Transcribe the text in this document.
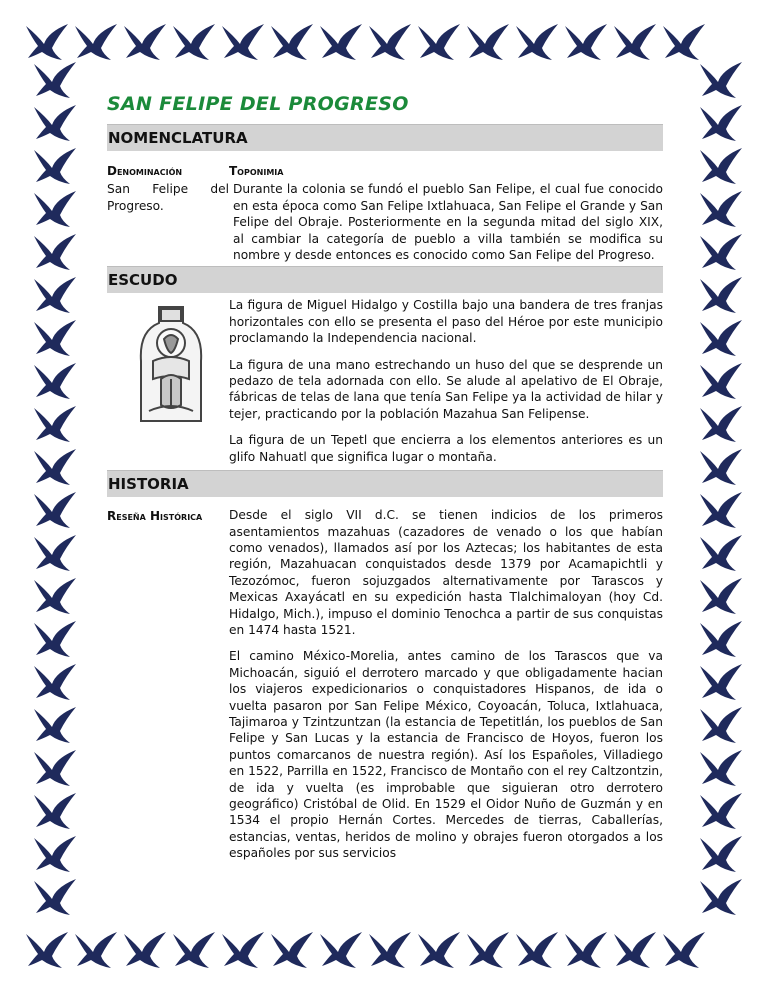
SAN FELIPE DEL PROGRESO
NOMENCLATURA
Denominación	Toponimia
San Felipe del Progreso.
Durante la colonia se fundó el pueblo San Felipe, el cual fue conocido en esta época como San Felipe Ixtlahuaca, San Felipe el Grande y San Felipe del Obraje. Posteriormente en la segunda mitad del siglo XIX, al cambiar la categoría de pueblo a villa también se modifica su nombre y desde entonces es conocido como San Felipe del Progreso.
ESCUDO

La figura de Miguel Hidalgo y Costilla bajo una bandera de tres franjas horizontales con ello se presenta el paso del Héroe por este municipio proclamando la Independencia nacional.

La figura de una mano estrechando un huso del que se desprende un pedazo de tela adornada con ello. Se alude al apelativo de El Obraje, fábricas de telas de lana que tenía San Felipe ya la actividad de hilar y tejer, practicando por la población Mazahua San Felipense.

La figura de un Tepetl que encierra a los elementos anteriores es un glifo Nahuatl que significa lugar o montaña.

HISTORIA
Reseña Histórica	Desde el siglo VII d.C. se tienen indicios de los primeros asentamientos mazahuas (cazadores de venado o los que habían como venados), llamados así por los Aztecas; los habitantes de esta región, Mazahuacan conquistados desde 1379 por Acamapichtli y Tezozómoc, fueron sojuzgados alternativamente por Tarascos y Mexicas Axayácatl en su expedición hasta Tlalchimaloyan (hoy Cd. Hidalgo, Mich.), impuso el dominio Tenochca a partir de sus conquistas en 1474 hasta 1521.

El camino México-Morelia, antes camino de los Tarascos que va Michoacán, siguió el derrotero marcado y que obligadamente hacian los viajeros expedicionarios o conquistadores Hispanos, de ida o vuelta pasaron por San Felipe México, Coyoacán, Toluca, Ixtlahuaca, Tajimaroa y Tzintzuntzan (la estancia de Tepetitlán, los pueblos de San Felipe y San Lucas y la estancia de Francisco de Hoyos, fueron los puntos comarcanos de nuestra región). Así los Españoles, Villadiego en 1522, Parrilla en 1522, Francisco de Montaño con el rey Caltzontzin, de ida y vuelta (es improbable que siguieran otro derrotero geográfico) Cristóbal de Olid. En 1529 el Oidor Nuño de Guzmán y en 1534 el propio Hernán Cortes. Mercedes de tierras, Caballerías, estancias, ventas, heridos de molino y obrajes fueron otorgados a los españoles por sus servicios
